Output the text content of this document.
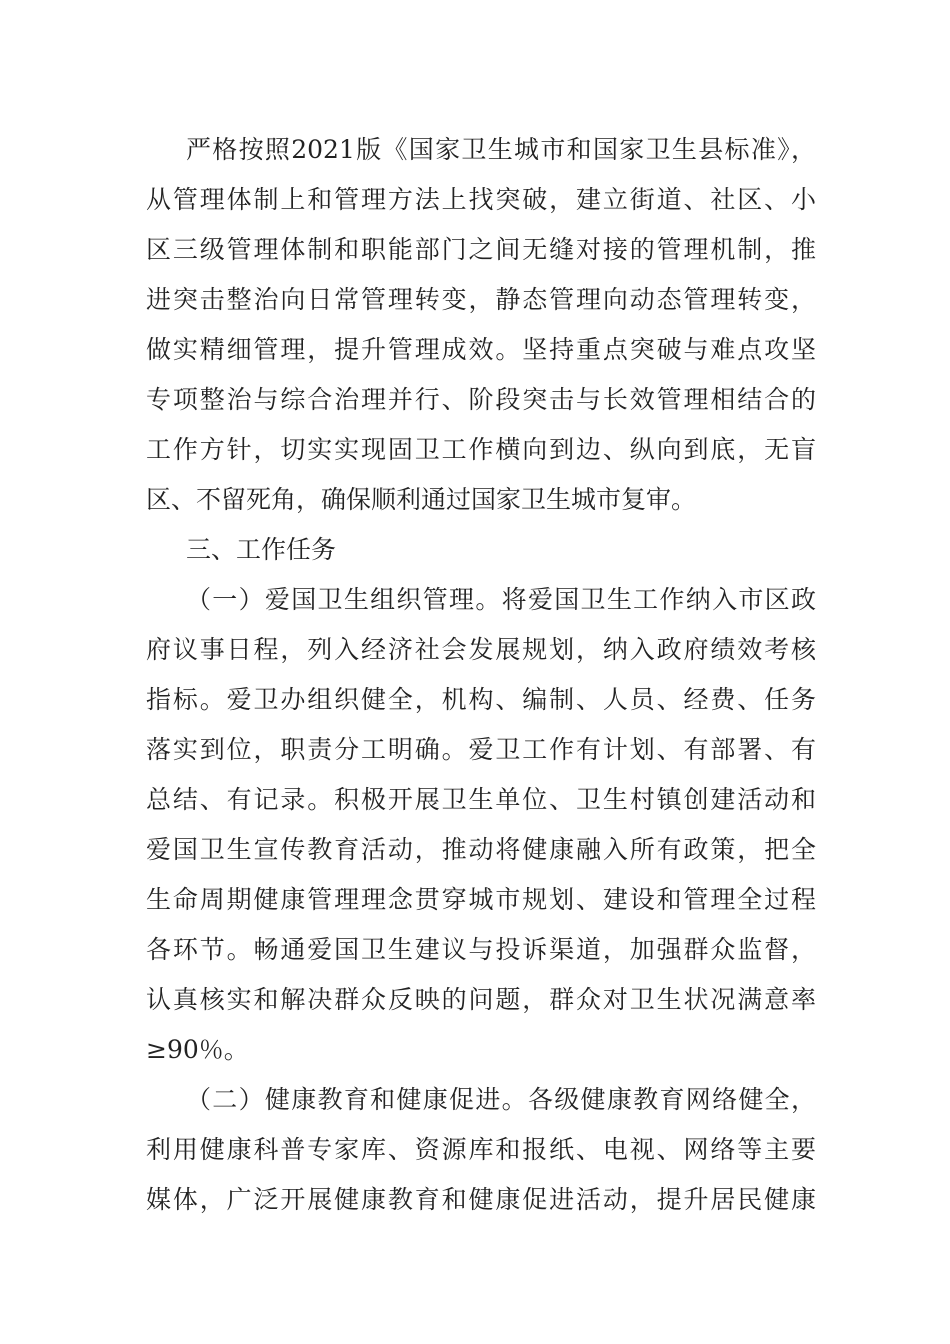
严格按照2021版《国家卫生城市和国家卫生县标准》，
从管理体制上和管理方法上找突破，建立街道、社区、小
区三级管理体制和职能部门之间无缝对接的管理机制，推
进突击整治向日常管理转变，静态管理向动态管理转变，
做实精细管理，提升管理成效。坚持重点突破与难点攻坚
专项整治与综合治理并行、阶段突击与长效管理相结合的
工作方针，切实实现固卫工作横向到边、纵向到底，无盲
区、不留死角，确保顺利通过国家卫生城市复审。
三、工作任务
（一）爱国卫生组织管理。将爱国卫生工作纳入市区政
府议事日程，列入经济社会发展规划，纳入政府绩效考核
指标。爱卫办组织健全，机构、编制、人员、经费、任务
落实到位，职责分工明确。爱卫工作有计划、有部署、有
总结、有记录。积极开展卫生单位、卫生村镇创建活动和
爱国卫生宣传教育活动，推动将健康融入所有政策，把全
生命周期健康管理理念贯穿城市规划、建设和管理全过程
各环节。畅通爱国卫生建议与投诉渠道，加强群众监督，
认真核实和解决群众反映的问题，群众对卫生状况满意率
≥90％。
（二）健康教育和健康促进。各级健康教育网络健全，
利用健康科普专家库、资源库和报纸、电视、网络等主要
媒体，广泛开展健康教育和健康促进活动，提升居民健康
